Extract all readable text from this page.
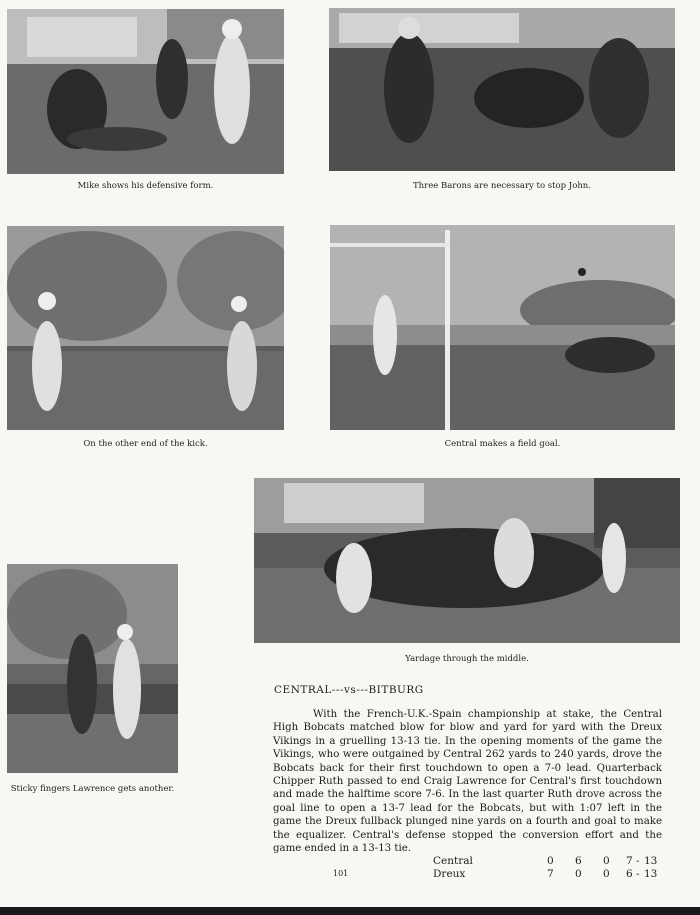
Mike shows his defensive form.	Three Barons are necessary to stop John.
On the other end of the kick.	Central makes a field goal.
Yardage through the middle.
Sticky fingers Lawrence gets another.
CENTRAL---vs---BITBURG

With the French-U.K.-Spain championship at stake, the Central High Bobcats matched blow for blow and yard for yard with the Dreux Vikings in a gruelling 13-13 tie. In the opening moments of the game the Vikings, who were outgained by Central 262 yards to 240 yards, drove the Bobcats back for their first touchdown to open a 7-0 lead. Quarterback Chipper Ruth passed to end Craig Lawrence for Central's first touchdown and made the halftime score 7-6. In the last quarter Ruth drove across the goal line to open a 13-7 lead for the Bobcats, but with 1:07 left in the game the Dreux fullback plunged nine yards on a fourth and goal to make the equalizer. Central's defense stopped the conversion effort and the game ended in a 13-13 tie.

Central	0 6 0 7 - 13
Dreux	7 0 0 6 - 13
101
